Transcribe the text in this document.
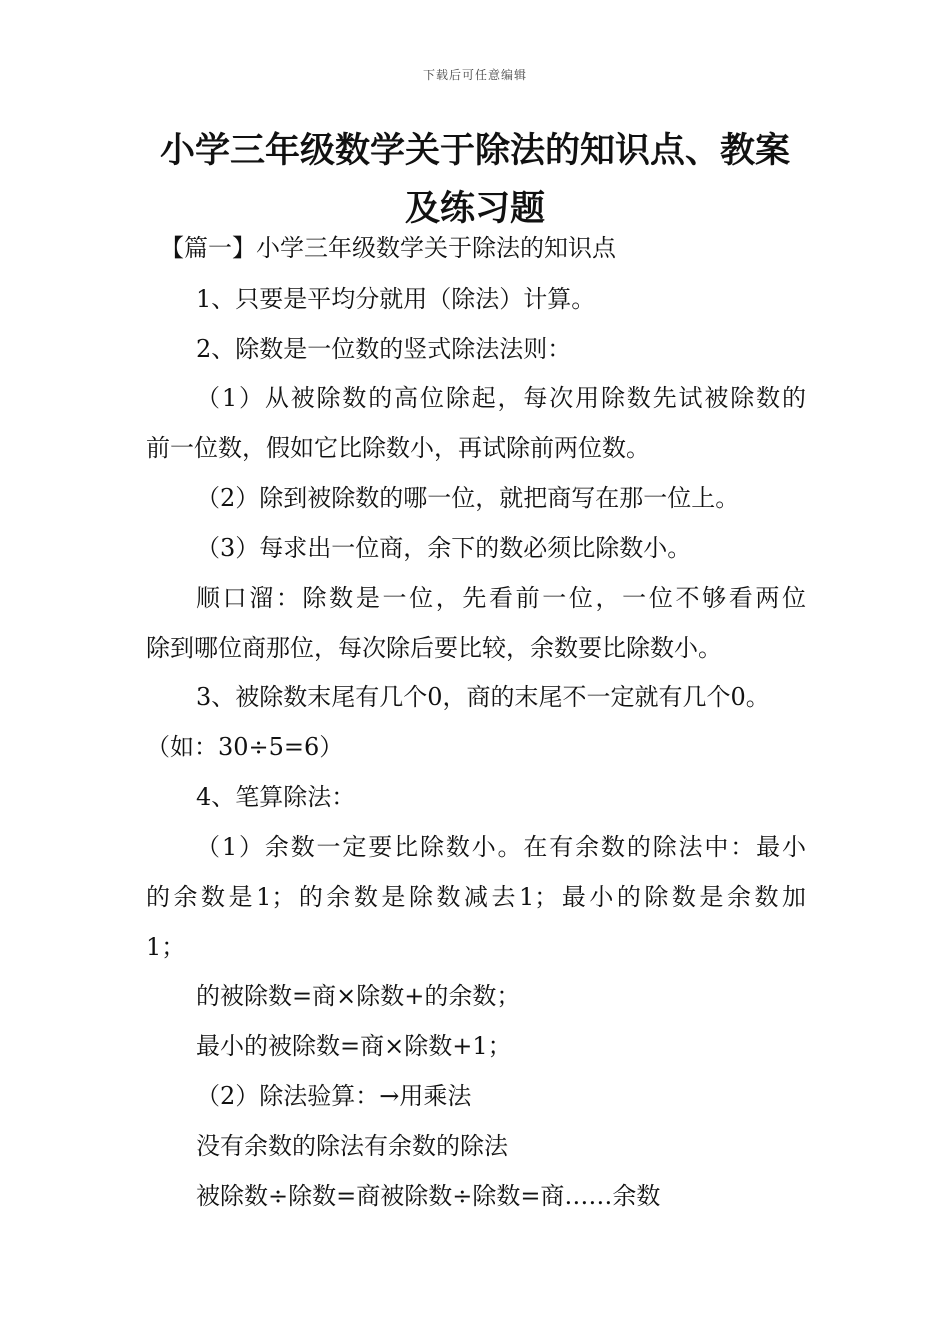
下载后可任意编辑
小学三年级数学关于除法的知识点、教案
及练习题

【篇一】小学三年级数学关于除法的知识点

1、只要是平均分就用（除法）计算。

2、除数是一位数的竖式除法法则：

（1）从被除数的高位除起，每次用除数先试被除数的

前一位数，假如它比除数小，再试除前两位数。

（2）除到被除数的哪一位，就把商写在那一位上。

（3）每求出一位商，余下的数必须比除数小。

顺口溜：除数是一位，先看前一位，一位不够看两位

除到哪位商那位，每次除后要比较，余数要比除数小。

3、被除数末尾有几个0，商的末尾不一定就有几个0。

（如：30÷5=6）

4、笔算除法：

（1）余数一定要比除数小。在有余数的除法中：最小

的余数是1；的余数是除数减去1；最小的除数是余数加

1；

的被除数=商×除数+的余数；

最小的被除数=商×除数+1；

（2）除法验算：→用乘法

没有余数的除法有余数的除法

被除数÷除数=商被除数÷除数=商……余数
